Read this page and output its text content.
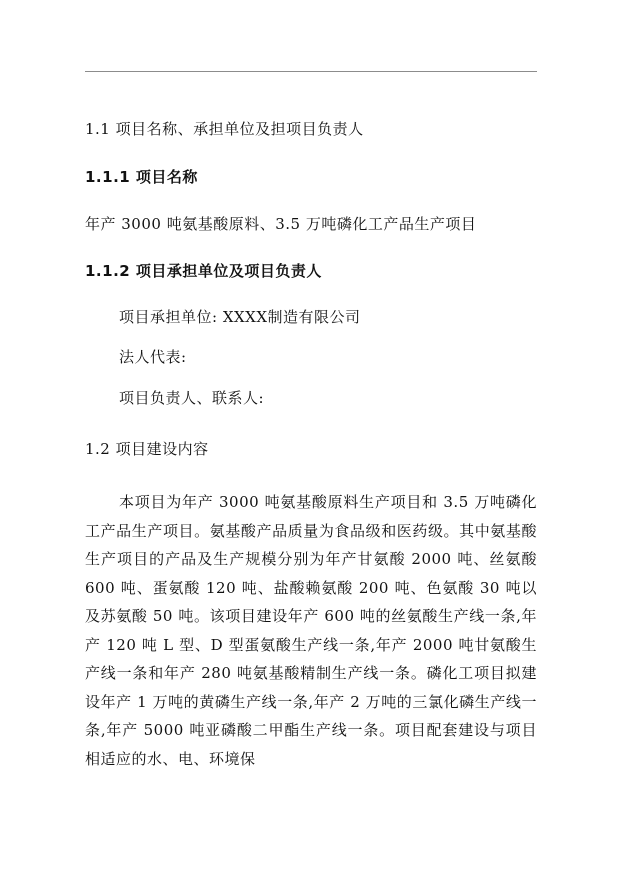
1.1 项目名称、承担单位及担项目负责人
1.1.1 项目名称
年产 3000 吨氨基酸原料、3.5 万吨磷化工产品生产项目
1.1.2 项目承担单位及项目负责人
项目承担单位: XXXX制造有限公司
法人代表:
项目负责人、联系人:
1.2 项目建设内容
本项目为年产 3000 吨氨基酸原料生产项目和 3.5 万吨磷化工产品生产项目。氨基酸产品质量为食品级和医药级。其中氨基酸生产项目的产品及生产规模分别为年产甘氨酸 2000 吨、丝氨酸 600 吨、蛋氨酸 120 吨、盐酸赖氨酸 200 吨、色氨酸 30 吨以及苏氨酸 50 吨。该项目建设年产 600 吨的丝氨酸生产线一条,年产 120 吨 L 型、D 型蛋氨酸生产线一条,年产 2000 吨甘氨酸生产线一条和年产 280 吨氨基酸精制生产线一条。磷化工项目拟建设年产 1 万吨的黄磷生产线一条,年产 2 万吨的三氯化磷生产线一条,年产 5000 吨亚磷酸二甲酯生产线一条。项目配套建设与项目相适应的水、电、环境保
